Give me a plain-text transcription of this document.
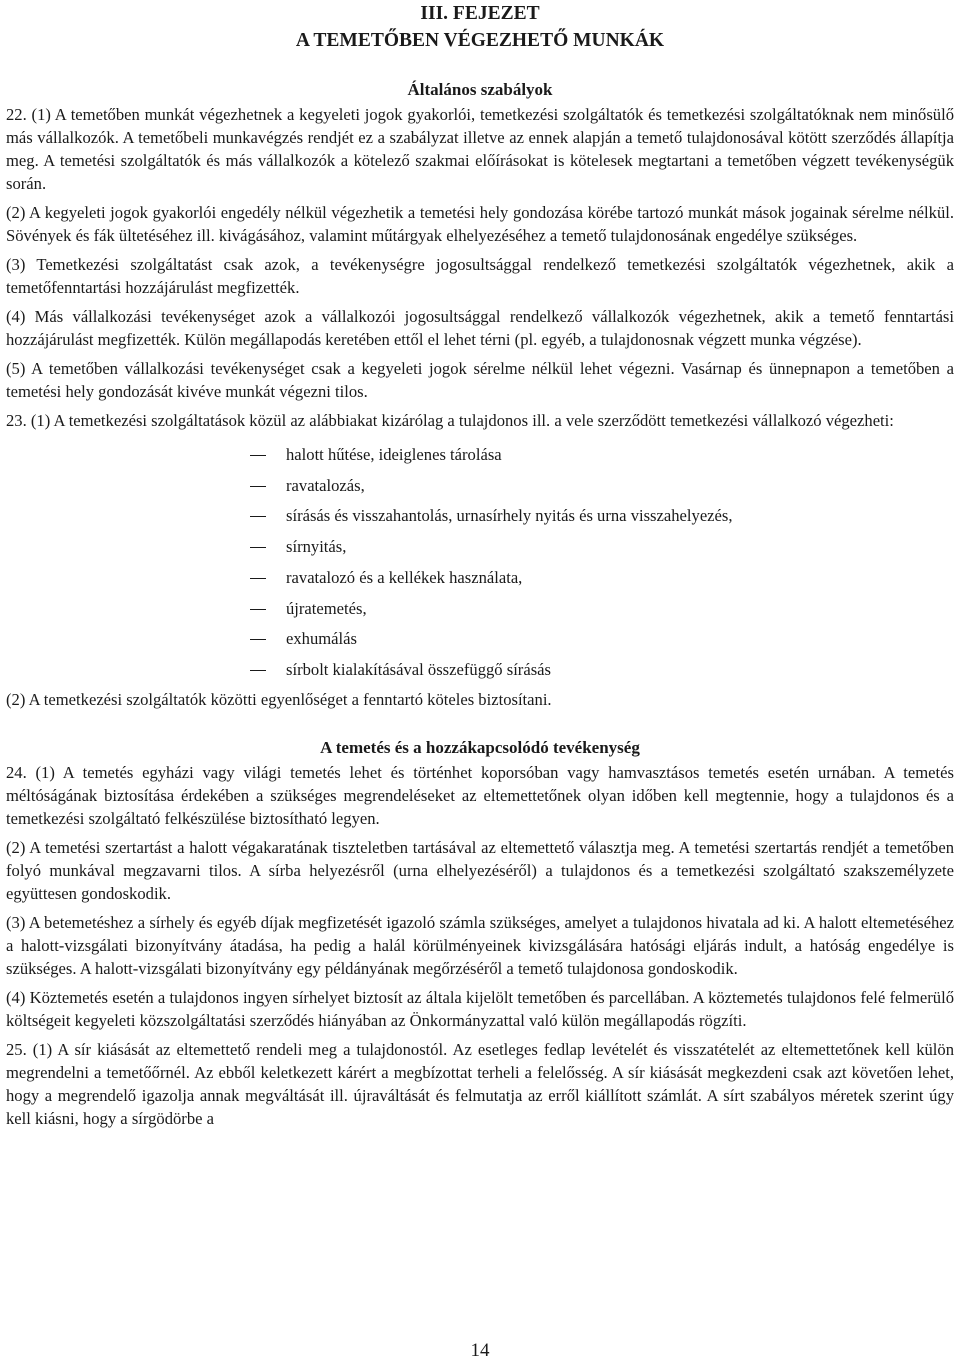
III. FEJEZET
A TEMETŐBEN VÉGEZHETŐ MUNKÁK
Általános szabályok

22. (1) A temetőben munkát végezhetnek a kegyeleti jogok gyakorlói, temetkezési szolgáltatók és temetkezési szolgáltatóknak nem minősülő más vállalkozók. A temetőbeli munkavégzés rendjét ez a szabályzat illetve az ennek alapján a temető tulajdonosával kötött szerződés állapítja meg. A temetési szolgáltatók és más vállalkozók a kötelező szakmai előírásokat is kötelesek megtartani a temetőben végzett tevékenységük során.

(2) A kegyeleti jogok gyakorlói engedély nélkül végezhetik a temetési hely gondozása körébe tartozó munkát mások jogainak sérelme nélkül. Sövények és fák ültetéséhez ill. kivágásához, valamint műtárgyak elhelyezéséhez a temető tulajdonosának engedélye szükséges.

(3) Temetkezési szolgáltatást csak azok, a tevékenységre jogosultsággal rendelkező temetkezési szolgáltatók végezhetnek, akik a temetőfenntartási hozzájárulást megfizették.

(4) Más vállalkozási tevékenységet azok a vállalkozói jogosultsággal rendelkező vállalkozók végezhetnek, akik a temető fenntartási hozzájárulást megfizették. Külön megállapodás keretében ettől el lehet térni (pl. egyéb, a tulajdonosnak végzett munka végzése).

(5) A temetőben vállalkozási tevékenységet csak a kegyeleti jogok sérelme nélkül lehet végezni. Vasárnap és ünnepnapon a temetőben a temetési hely gondozását kivéve munkát végezni tilos.

23. (1) A temetkezési szolgáltatások közül az alábbiakat kizárólag a tulajdonos ill. a vele szerződött temetkezési vállalkozó végezheti:

halott hűtése, ideiglenes tárolása
ravatalozás,
sírásás és visszahantolás, urnasírhely nyitás és urna visszahelyezés,
sírnyitás,
ravatalozó és a kellékek használata,
újratemetés,
exhumálás
sírbolt kialakításával összefüggő sírásás

(2) A temetkezési szolgáltatók közötti egyenlőséget a fenntartó köteles biztosítani.

A temetés és a hozzákapcsolódó tevékenység

24. (1) A temetés egyházi vagy világi temetés lehet és történhet koporsóban vagy hamvasztásos temetés esetén urnában. A temetés méltóságának biztosítása érdekében a szükséges megrendeléseket az eltemettetőnek olyan időben kell megtennie, hogy a tulajdonos és a temetkezési szolgáltató felkészülése biztosítható legyen.

(2) A temetési szertartást a halott végakaratának tiszteletben tartásával az eltemettető választja meg. A temetési szertartás rendjét a temetőben folyó munkával megzavarni tilos. A sírba helyezésről (urna elhelyezéséről) a tulajdonos és a temetkezési szolgáltató szakszemélyzete együttesen gondoskodik.

(3) A betemetéshez a sírhely és egyéb díjak megfizetését igazoló számla szükséges, amelyet a tulajdonos hivatala ad ki. A halott eltemetéséhez a halott-vizsgálati bizonyítvány átadása, ha pedig a halál körülményeinek kivizsgálására hatósági eljárás indult, a hatóság engedélye is szükséges. A halott-vizsgálati bizonyítvány egy példányának megőrzéséről a temető tulajdonosa gondoskodik.

(4) Köztemetés esetén a tulajdonos ingyen sírhelyet biztosít az általa kijelölt temetőben és parcellában. A köztemetés tulajdonos felé felmerülő költségeit kegyeleti közszolgáltatási szerződés hiányában az Önkormányzattal való külön megállapodás rögzíti.

25. (1) A sír kiásását az eltemettető rendeli meg a tulajdonostól. Az esetleges fedlap levételét és visszatételét az eltemettetőnek kell külön megrendelni a temetőőrnél. Az ebből keletkezett kárért a megbízottat terheli a felelősség. A sír kiásását megkezdeni csak azt követően lehet, hogy a megrendelő igazolja annak megváltását ill. újraváltását és felmutatja az erről kiállított számlát. A sírt szabályos méretek szerint úgy kell kiásni, hogy a sírgödörbe a

14
